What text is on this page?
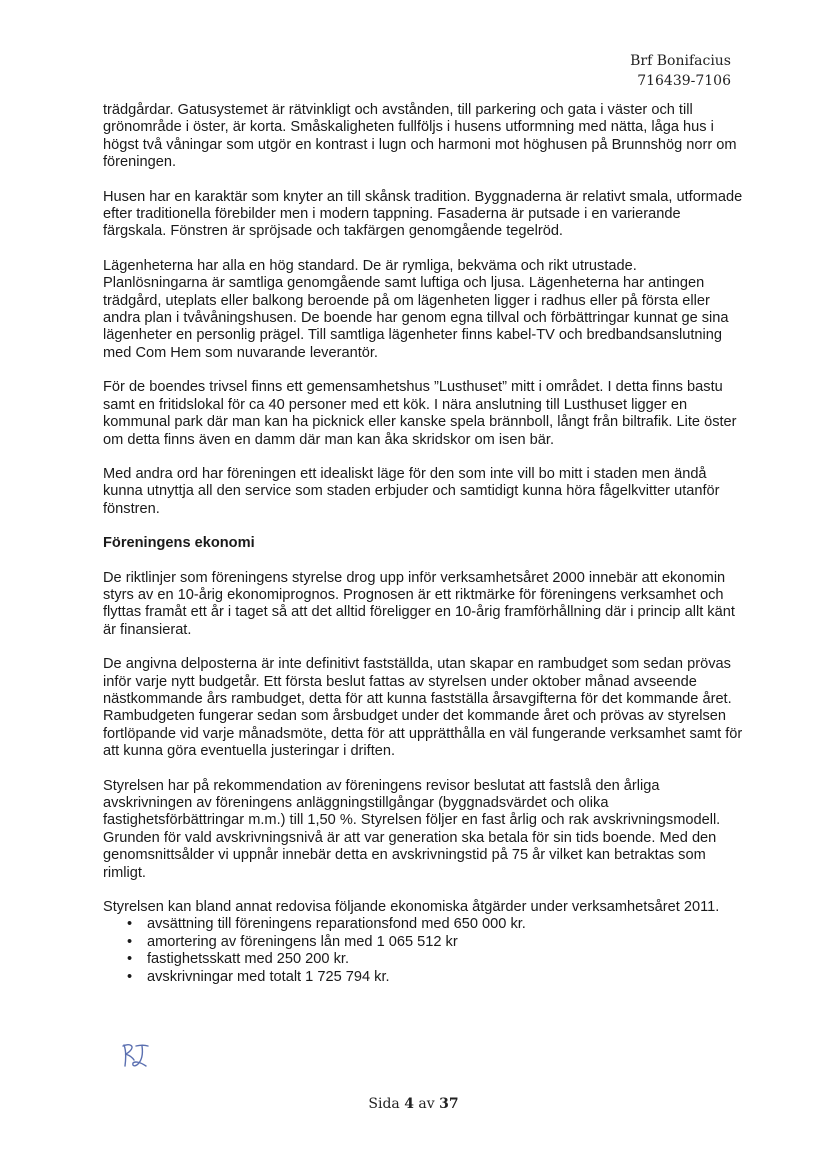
Brf Bonifacius
716439-7106

trädgårdar. Gatusystemet är rätvinkligt och avstånden, till parkering och gata i väster och till grönområde i öster, är korta. Småskaligheten fullföljs i husens utformning med nätta, låga hus i högst två våningar som utgör en kontrast i lugn och harmoni mot höghusen på Brunnshög norr om föreningen.

Husen har en karaktär som knyter an till skånsk tradition. Byggnaderna är relativt smala, utformade efter traditionella förebilder men i modern tappning. Fasaderna är putsade i en varierande färgskala. Fönstren är spröjsade och takfärgen genomgående tegelröd.

Lägenheterna har alla en hög standard. De är rymliga, bekväma och rikt utrustade. Planlösningarna är samtliga genomgående samt luftiga och ljusa. Lägenheterna har antingen trädgård, uteplats eller balkong beroende på om lägenheten ligger i radhus eller på första eller andra plan i tvåvåningshusen. De boende har genom egna tillval och förbättringar kunnat ge sina lägenheter en personlig prägel. Till samtliga lägenheter finns kabel-TV och bredbandsanslutning med Com Hem som nuvarande leverantör.

För de boendes trivsel finns ett gemensamhetshus ”Lusthuset” mitt i området. I detta finns bastu samt en fritidslokal för ca 40 personer med ett kök. I nära anslutning till Lusthuset ligger en kommunal park där man kan ha picknick eller kanske spela brännboll, långt från biltrafik. Lite öster om detta finns även en damm där man kan åka skridskor om isen bär.

Med andra ord har föreningen ett idealiskt läge för den som inte vill bo mitt i staden men ändå kunna utnyttja all den service som staden erbjuder och samtidigt kunna höra fågelkvitter utanför fönstren.

Föreningens ekonomi

De riktlinjer som föreningens styrelse drog upp inför verksamhetsåret 2000 innebär att ekonomin styrs av en 10-årig ekonomiprognos. Prognosen är ett riktmärke för föreningens verksamhet och flyttas framåt ett år i taget så att det alltid föreligger en 10-årig framförhållning där i princip allt känt är finansierat.

De angivna delposterna är inte definitivt fastställda, utan skapar en rambudget som sedan prövas inför varje nytt budgetår. Ett första beslut fattas av styrelsen under oktober månad avseende nästkommande års rambudget, detta för att kunna fastställa årsavgifterna för det kommande året. Rambudgeten fungerar sedan som årsbudget under det kommande året och prövas av styrelsen fortlöpande vid varje månadsmöte, detta för att upprätthålla en väl fungerande verksamhet samt för att kunna göra eventuella justeringar i driften.

Styrelsen har på rekommendation av föreningens revisor beslutat att fastslå den årliga avskrivningen av föreningens anläggningstillgångar (byggnadsvärdet och olika fastighetsförbättringar m.m.) till 1,50 %. Styrelsen följer en fast årlig och rak avskrivningsmodell. Grunden för vald avskrivningsnivå är att var generation ska betala för sin tids boende. Med den genomsnittsålder vi uppnår innebär detta en avskrivningstid på 75 år vilket kan betraktas som rimligt.

Styrelsen kan bland annat redovisa följande ekonomiska åtgärder under verksamhetsåret 2011.

• avsättning till föreningens reparationsfond med 650 000 kr.
• amortering av föreningens lån med 1 065 512 kr
• fastighetsskatt med 250 200 kr.
• avskrivningar med totalt 1 725 794 kr.
Sida 4 av 37
